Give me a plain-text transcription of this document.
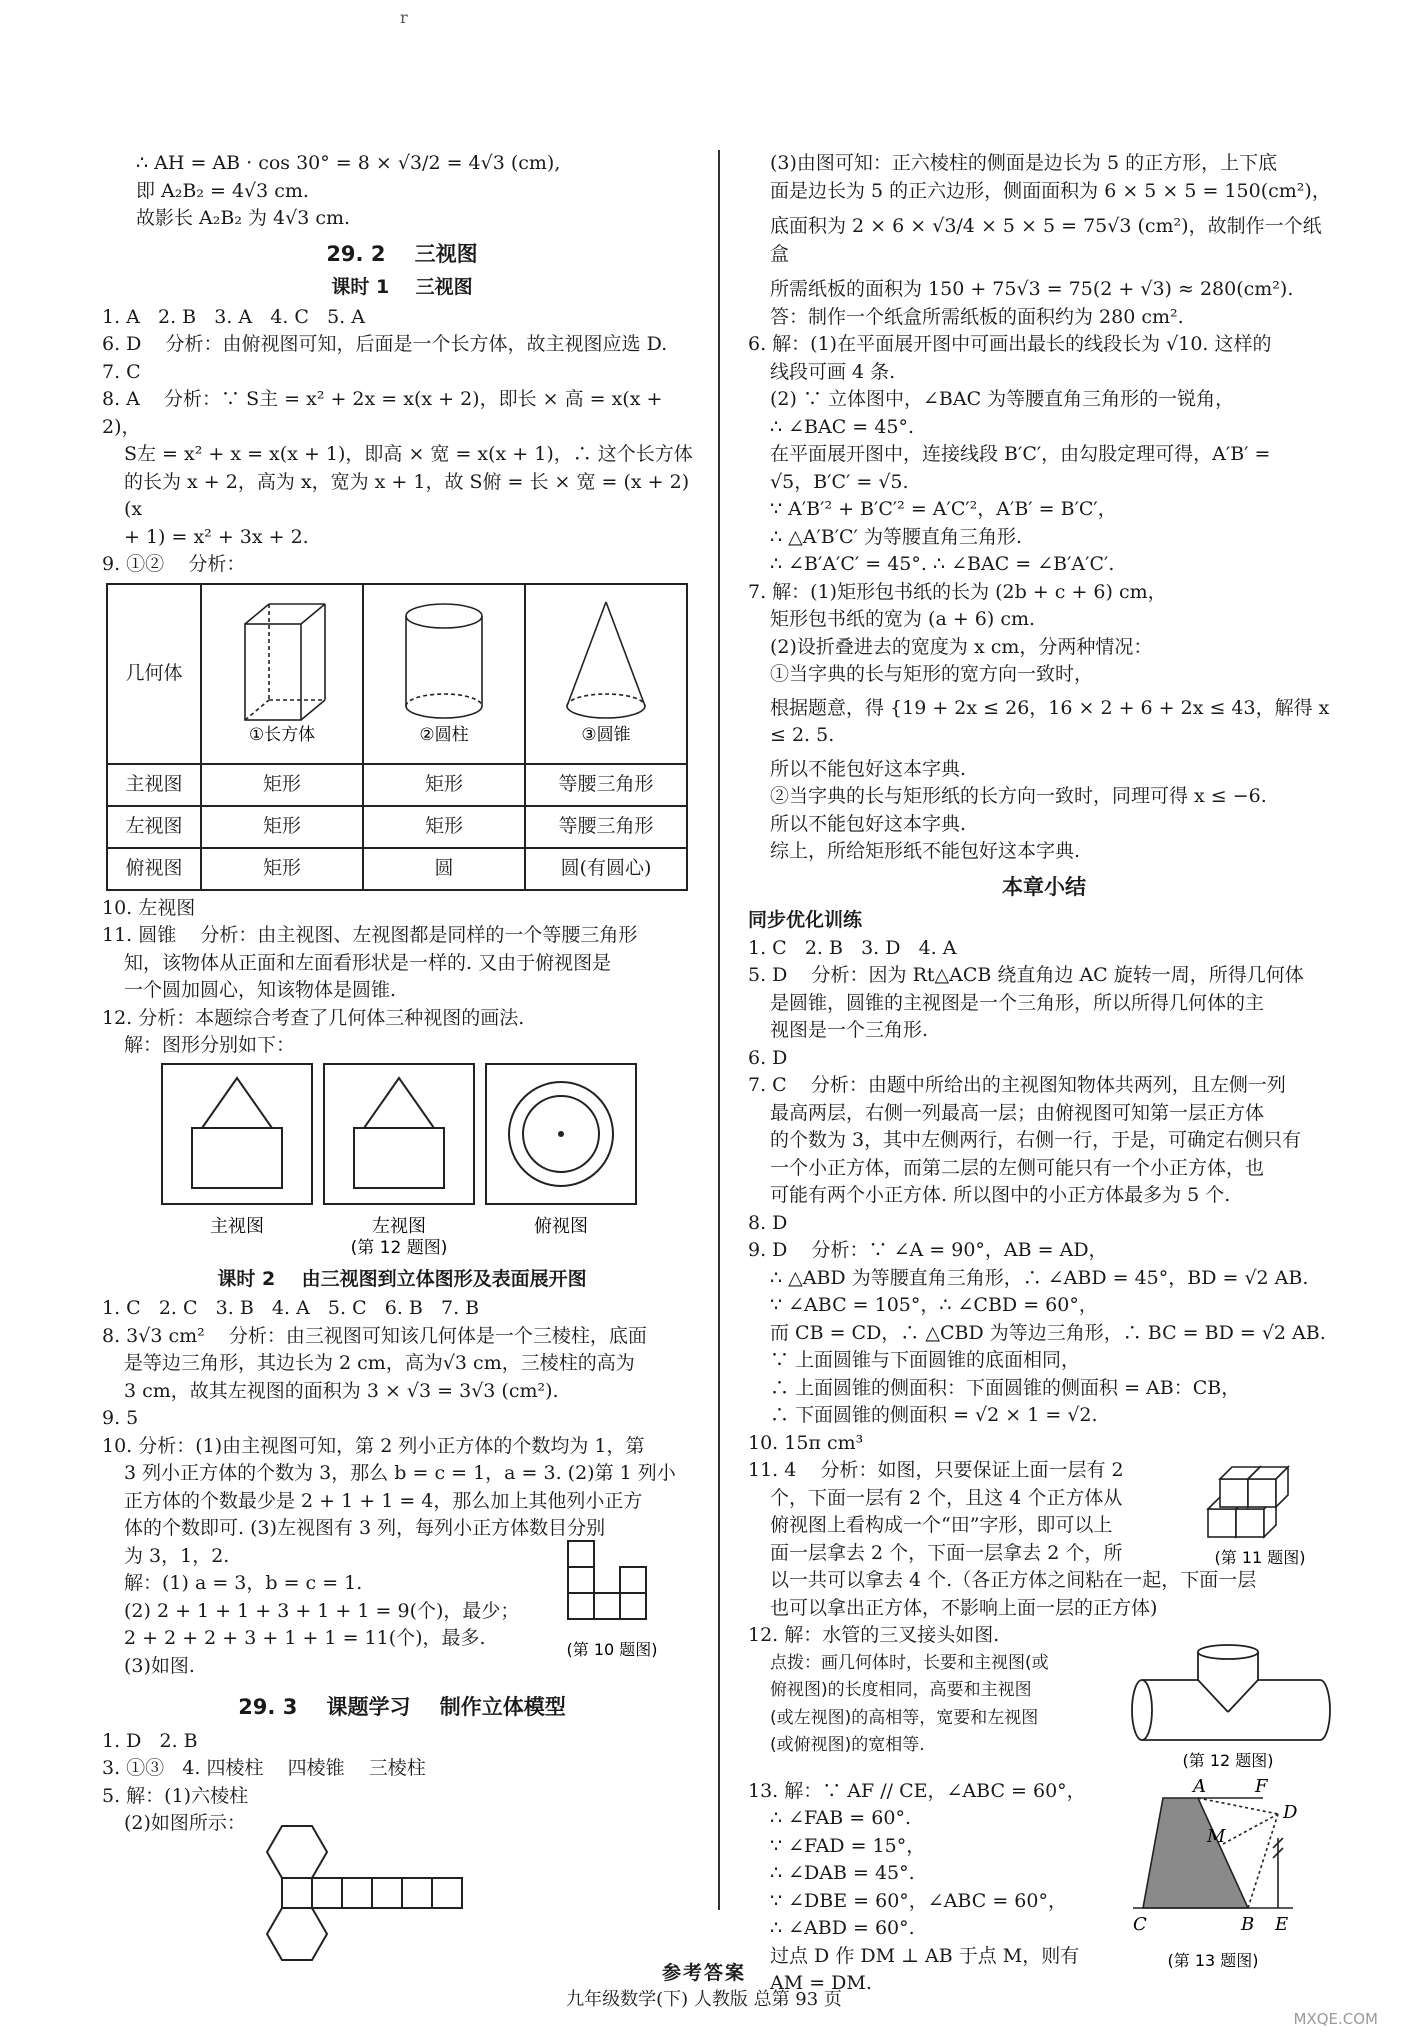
r

∴ AH = AB · cos 30° = 8 × √3/2 = 4√3 (cm),

即 A₂B₂ = 4√3 cm.

故影长 A₂B₂ 为 4√3 cm.

29. 2    三视图

课时 1    三视图

1. A   2. B   3. A   4. C   5. A

6. D    分析：由俯视图可知，后面是一个长方体，故主视图应选 D.

7. C

8. A    分析：∵ S主 = x² + 2x = x(x + 2)，即长 × 高 = x(x + 2)，

S左 = x² + x = x(x + 1)，即高 × 宽 = x(x + 1)，∴ 这个长方体

的长为 x + 2，高为 x，宽为 x + 1，故 S俯 = 长 × 宽 = (x + 2)(x

+ 1) = x² + 3x + 2.

9. ①②    分析：

几何体	①长方体	②圆柱	③圆锥

主视图	矩形	矩形	等腰三角形
左视图	矩形	矩形	等腰三角形
俯视图	矩形	圆	圆(有圆心)

10. 左视图

11. 圆锥    分析：由主视图、左视图都是同样的一个等腰三角形

知，该物体从正面和左面看形状是一样的. 又由于俯视图是

一个圆加圆心，知该物体是圆锥.

12. 分析：本题综合考查了几何体三种视图的画法.

解：图形分别如下：

主视图	左视图	俯视图
(第 12 题图)

课时 2    由三视图到立体图形及表面展开图

1. C   2. C   3. B   4. A   5. C   6. B   7. B

8. 3√3 cm²    分析：由三视图可知该几何体是一个三棱柱，底面

是等边三角形，其边长为 2 cm，高为√3 cm，三棱柱的高为

3 cm，故其左视图的面积为 3 × √3 = 3√3 (cm²).

9. 5

10. 分析：(1)由主视图可知，第 2 列小正方体的个数均为 1，第

3 列小正方体的个数为 3，那么 b = c = 1，a = 3. (2)第 1 列小

正方体的个数最少是 2 + 1 + 1 = 4，那么加上其他列小正方

体的个数即可. (3)左视图有 3 列，每列小正方体数目分别

为 3，1，2.

解：(1) a = 3，b = c = 1.

(2) 2 + 1 + 1 + 3 + 1 + 1 = 9(个)，最少；

2 + 2 + 2 + 3 + 1 + 1 = 11(个)，最多.

(3)如图.

(第 10 题图)

29. 3    课题学习    制作立体模型

1. D   2. B

3. ①③   4. 四棱柱    四棱锥    三棱柱

5. 解：(1)六棱柱

(2)如图所示：

(3)由图可知：正六棱柱的侧面是边长为 5 的正方形，上下底

面是边长为 5 的正六边形，侧面面积为 6 × 5 × 5 = 150(cm²)，

底面积为 2 × 6 × √3/4 × 5 × 5 = 75√3 (cm²)，故制作一个纸盒

所需纸板的面积为 150 + 75√3 = 75(2 + √3) ≈ 280(cm²).

答：制作一个纸盒所需纸板的面积约为 280 cm².

6. 解：(1)在平面展开图中可画出最长的线段长为 √10. 这样的

线段可画 4 条.

(2) ∵ 立体图中，∠BAC 为等腰直角三角形的一锐角，

∴ ∠BAC = 45°.

在平面展开图中，连接线段 B′C′，由勾股定理可得，A′B′ =

√5，B′C′ = √5.

∵ A′B′² + B′C′² = A′C′²，A′B′ = B′C′，

∴ △A′B′C′ 为等腰直角三角形.

∴ ∠B′A′C′ = 45°. ∴ ∠BAC = ∠B′A′C′.

7. 解：(1)矩形包书纸的长为 (2b + c + 6) cm，

矩形包书纸的宽为 (a + 6) cm.

(2)设折叠进去的宽度为 x cm，分两种情况：

①当字典的长与矩形的宽方向一致时，

根据题意，得 {19 + 2x ≤ 26，16 × 2 + 6 + 2x ≤ 43，解得 x ≤ 2. 5.

所以不能包好这本字典.

②当字典的长与矩形纸的长方向一致时，同理可得 x ≤ −6.

所以不能包好这本字典.

综上，所给矩形纸不能包好这本字典.

本章小结

同步优化训练

1. C   2. B   3. D   4. A

5. D    分析：因为 Rt△ACB 绕直角边 AC 旋转一周，所得几何体

是圆锥，圆锥的主视图是一个三角形，所以所得几何体的主

视图是一个三角形.

6. D

7. C    分析：由题中所给出的主视图知物体共两列，且左侧一列

最高两层，右侧一列最高一层；由俯视图可知第一层正方体

的个数为 3，其中左侧两行，右侧一行，于是，可确定右侧只有

一个小正方体，而第二层的左侧可能只有一个小正方体，也

可能有两个小正方体. 所以图中的小正方体最多为 5 个.

8. D

9. D    分析：∵ ∠A = 90°，AB = AD，

∴ △ABD 为等腰直角三角形，∴ ∠ABD = 45°，BD = √2 AB.

∵ ∠ABC = 105°，∴ ∠CBD = 60°，

而 CB = CD，∴ △CBD 为等边三角形，∴ BC = BD = √2 AB.

∵ 上面圆锥与下面圆锥的底面相同，

∴ 上面圆锥的侧面积：下面圆锥的侧面积 = AB：CB，

∴ 下面圆锥的侧面积 = √2 × 1 = √2.

10. 15π cm³

11. 4    分析：如图，只要保证上面一层有 2

个，下面一层有 2 个，且这 4 个正方体从

俯视图上看构成一个“田”字形，即可以上

面一层拿去 2 个，下面一层拿去 2 个，所

以一共可以拿去 4 个.（各正方体之间粘在一起，下面一层

也可以拿出正方体，不影响上面一层的正方体)

(第 11 题图)

12. 解：水管的三叉接头如图.

点拨：画几何体时，长要和主视图(或

俯视图)的长度相同，高要和主视图

(或左视图)的高相等，宽要和左视图

(或俯视图)的宽相等.

(第 12 题图)

13. 解：∵ AF // CE，∠ABC = 60°，

∴ ∠FAB = 60°.

∵ ∠FAD = 15°，

∴ ∠DAB = 45°.

∵ ∠DBE = 60°，∠ABC = 60°，

∴ ∠ABD = 60°.

过点 D 作 DM ⊥ AB 于点 M，则有

AM = DM.

A	F
D
M
C	B E
(第 13 题图)
参考答案
九年级数学(下) 人教版 总第 93 页
MXQE.COM
